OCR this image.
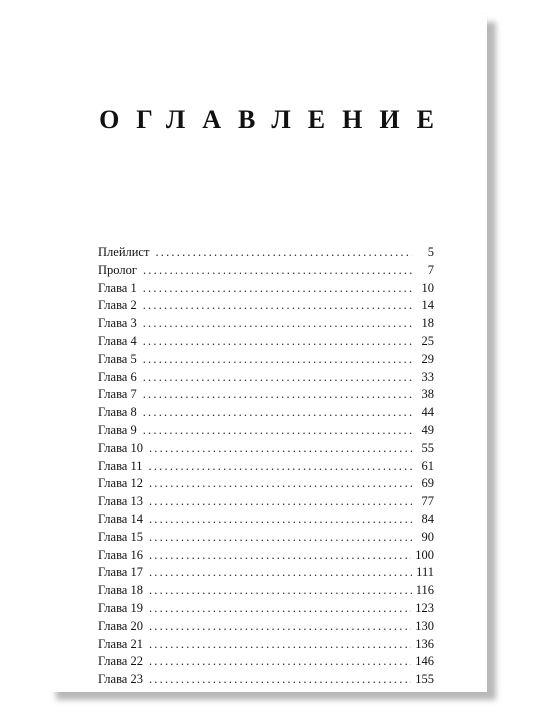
ОГЛАВЛЕНИЕ
Плейлист .....	5
Пролог .....	7
Глава 1 .....	10
Глава 2 .....	14
Глава 3 .....	18
Глава 4 .....	25
Глава 5 .....	29
Глава 6 .....	33
Глава 7 .....	38
Глава 8 .....	44
Глава 9 .....	49
Глава 10 .....	55
Глава 11 .....	61
Глава 12 .....	69
Глава 13 .....	77
Глава 14 .....	84
Глава 15 .....	90
Глава 16 .....	100
Глава 17 .....	111
Глава 18 .....	116
Глава 19 .....	123
Глава 20 .....	130
Глава 21 .....	136
Глава 22 .....	146
Глава 23 .....	155
